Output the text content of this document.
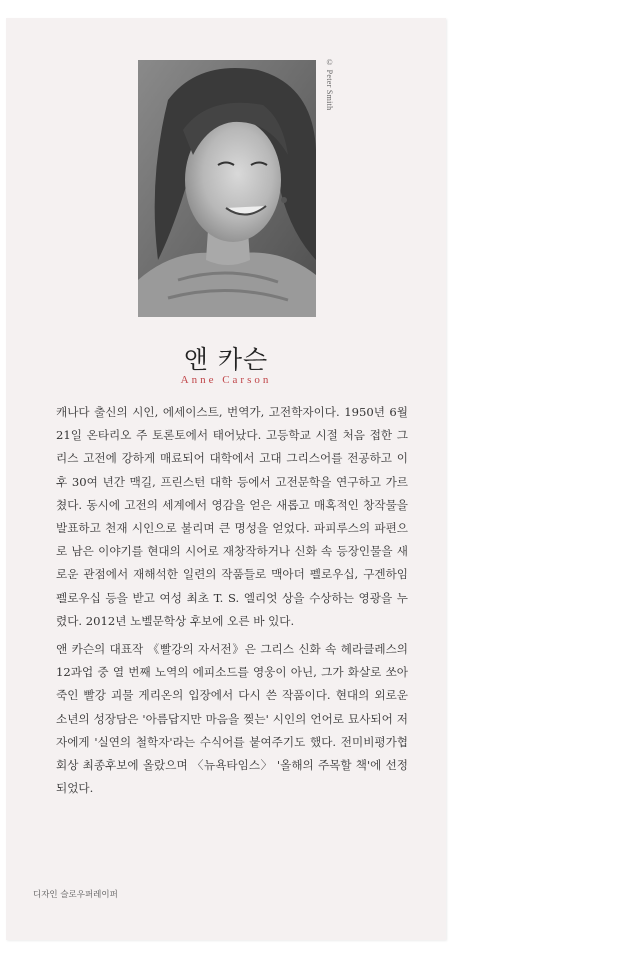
© Peter Smith
앤 카슨
Anne Carson

캐나다 출신의 시인, 에세이스트, 번역가, 고전학자이다. 1950년 6월 21일 온타리오 주 토론토에서 태어났다. 고등학교 시절 처음 접한 그리스 고전에 강하게 매료되어 대학에서 고대 그리스어를 전공하고 이후 30여 년간 맥길, 프린스턴 대학 등에서 고전문학을 연구하고 가르쳤다. 동시에 고전의 세계에서 영감을 얻은 새롭고 매혹적인 창작물을 발표하고 천재 시인으로 불리며 큰 명성을 얻었다. 파피루스의 파편으로 남은 이야기를 현대의 시어로 재창작하거나 신화 속 등장인물을 새로운 관점에서 재해석한 일련의 작품들로 맥아더 펠로우십, 구겐하임 펠로우십 등을 받고 여성 최초 T. S. 엘리엇 상을 수상하는 영광을 누렸다. 2012년 노벨문학상 후보에 오른 바 있다.

앤 카슨의 대표작 《빨강의 자서전》은 그리스 신화 속 헤라클레스의 12과업 중 열 번째 노역의 에피소드를 영웅이 아닌, 그가 화살로 쏘아 죽인 빨강 괴물 게리온의 입장에서 다시 쓴 작품이다. 현대의 외로운 소년의 성장담은 '아름답지만 마음을 찢는' 시인의 언어로 묘사되어 저자에게 '실연의 철학자'라는 수식어를 붙여주기도 했다. 전미비평가협회상 최종후보에 올랐으며 〈뉴욕타임스〉 '올해의 주목할 책'에 선정되었다.

디자인 슬로우퍼레이퍼
